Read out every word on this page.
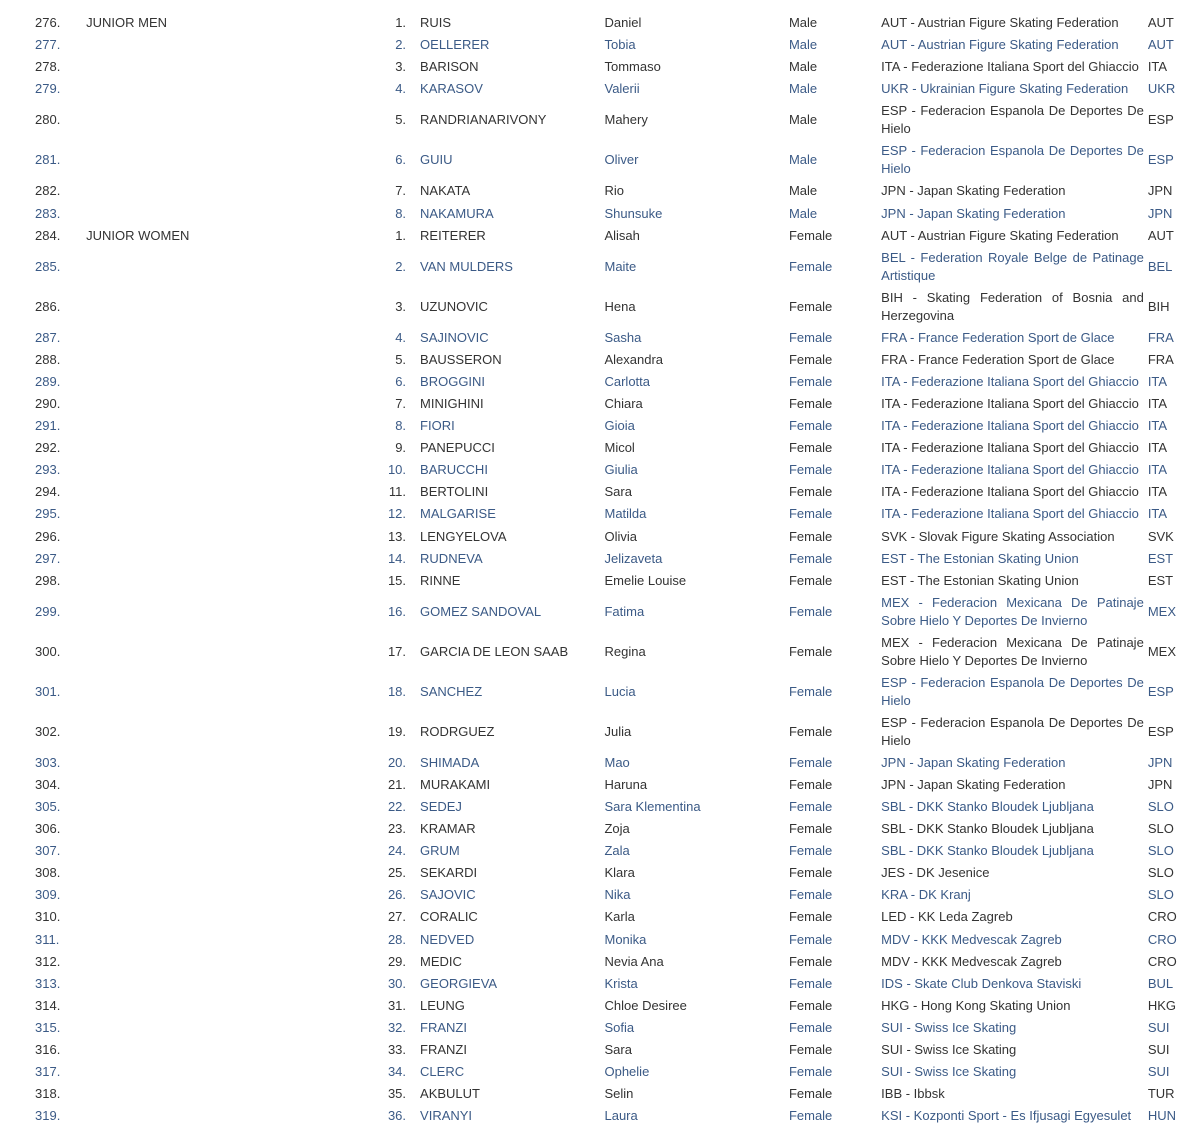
276.	JUNIOR MEN	1.	RUIS	Daniel	Male	AUT - Austrian Figure Skating Federation	AUT
277.		2.	OELLERER	Tobia	Male	AUT - Austrian Figure Skating Federation	AUT
278.		3.	BARISON	Tommaso	Male	ITA - Federazione Italiana Sport del Ghiaccio	ITA
279.		4.	KARASOV	Valerii	Male	UKR - Ukrainian Figure Skating Federation	UKR
280.		5.	RANDRIANARIVONY	Mahery	Male	ESP - Federacion Espanola De Deportes De Hielo	ESP
281.		6.	GUIU	Oliver	Male	ESP - Federacion Espanola De Deportes De Hielo	ESP
282.		7.	NAKATA	Rio	Male	JPN - Japan Skating Federation	JPN
283.		8.	NAKAMURA	Shunsuke	Male	JPN - Japan Skating Federation	JPN
284.	JUNIOR WOMEN	1.	REITERER	Alisah	Female	AUT - Austrian Figure Skating Federation	AUT
285.		2.	VAN MULDERS	Maite	Female	BEL - Federation Royale Belge de Patinage Artistique	BEL
286.		3.	UZUNOVIC	Hena	Female	BIH - Skating Federation of Bosnia and Herzegovina	BIH
287.		4.	SAJINOVIC	Sasha	Female	FRA - France Federation Sport de Glace	FRA
288.		5.	BAUSSERON	Alexandra	Female	FRA - France Federation Sport de Glace	FRA
289.		6.	BROGGINI	Carlotta	Female	ITA - Federazione Italiana Sport del Ghiaccio	ITA
290.		7.	MINIGHINI	Chiara	Female	ITA - Federazione Italiana Sport del Ghiaccio	ITA
291.		8.	FIORI	Gioia	Female	ITA - Federazione Italiana Sport del Ghiaccio	ITA
292.		9.	PANEPUCCI	Micol	Female	ITA - Federazione Italiana Sport del Ghiaccio	ITA
293.		10.	BARUCCHI	Giulia	Female	ITA - Federazione Italiana Sport del Ghiaccio	ITA
294.		11.	BERTOLINI	Sara	Female	ITA - Federazione Italiana Sport del Ghiaccio	ITA
295.		12.	MALGARISE	Matilda	Female	ITA - Federazione Italiana Sport del Ghiaccio	ITA
296.		13.	LENGYELOVA	Olivia	Female	SVK - Slovak Figure Skating Association	SVK
297.		14.	RUDNEVA	Jelizaveta	Female	EST - The Estonian Skating Union	EST
298.		15.	RINNE	Emelie Louise	Female	EST - The Estonian Skating Union	EST
299.		16.	GOMEZ SANDOVAL	Fatima	Female	MEX - Federacion Mexicana De Patinaje Sobre Hielo Y Deportes De Invierno	MEX
300.		17.	GARCIA DE LEON SAAB	Regina	Female	MEX - Federacion Mexicana De Patinaje Sobre Hielo Y Deportes De Invierno	MEX
301.		18.	SANCHEZ	Lucia	Female	ESP - Federacion Espanola De Deportes De Hielo	ESP
302.		19.	RODRGUEZ	Julia	Female	ESP - Federacion Espanola De Deportes De Hielo	ESP
303.		20.	SHIMADA	Mao	Female	JPN - Japan Skating Federation	JPN
304.		21.	MURAKAMI	Haruna	Female	JPN - Japan Skating Federation	JPN
305.		22.	SEDEJ	Sara Klementina	Female	SBL - DKK Stanko Bloudek Ljubljana	SLO
306.		23.	KRAMAR	Zoja	Female	SBL - DKK Stanko Bloudek Ljubljana	SLO
307.		24.	GRUM	Zala	Female	SBL - DKK Stanko Bloudek Ljubljana	SLO
308.		25.	SEKARDI	Klara	Female	JES - DK Jesenice	SLO
309.		26.	SAJOVIC	Nika	Female	KRA - DK Kranj	SLO
310.		27.	CORALIC	Karla	Female	LED - KK Leda Zagreb	CRO
311.		28.	NEDVED	Monika	Female	MDV - KKK Medvescak Zagreb	CRO
312.		29.	MEDIC	Nevia Ana	Female	MDV - KKK Medvescak Zagreb	CRO
313.		30.	GEORGIEVA	Krista	Female	IDS - Skate Club Denkova Staviski	BUL
314.		31.	LEUNG	Chloe Desiree	Female	HKG - Hong Kong Skating Union	HKG
315.		32.	FRANZI	Sofia	Female	SUI - Swiss Ice Skating	SUI
316.		33.	FRANZI	Sara	Female	SUI - Swiss Ice Skating	SUI
317.		34.	CLERC	Ophelie	Female	SUI - Swiss Ice Skating	SUI
318.		35.	AKBULUT	Selin	Female	IBB - Ibbsk	TUR
319.		36.	VIRANYI	Laura	Female	KSI - Kozponti Sport - Es Ifjusagi Egyesulet	HUN
